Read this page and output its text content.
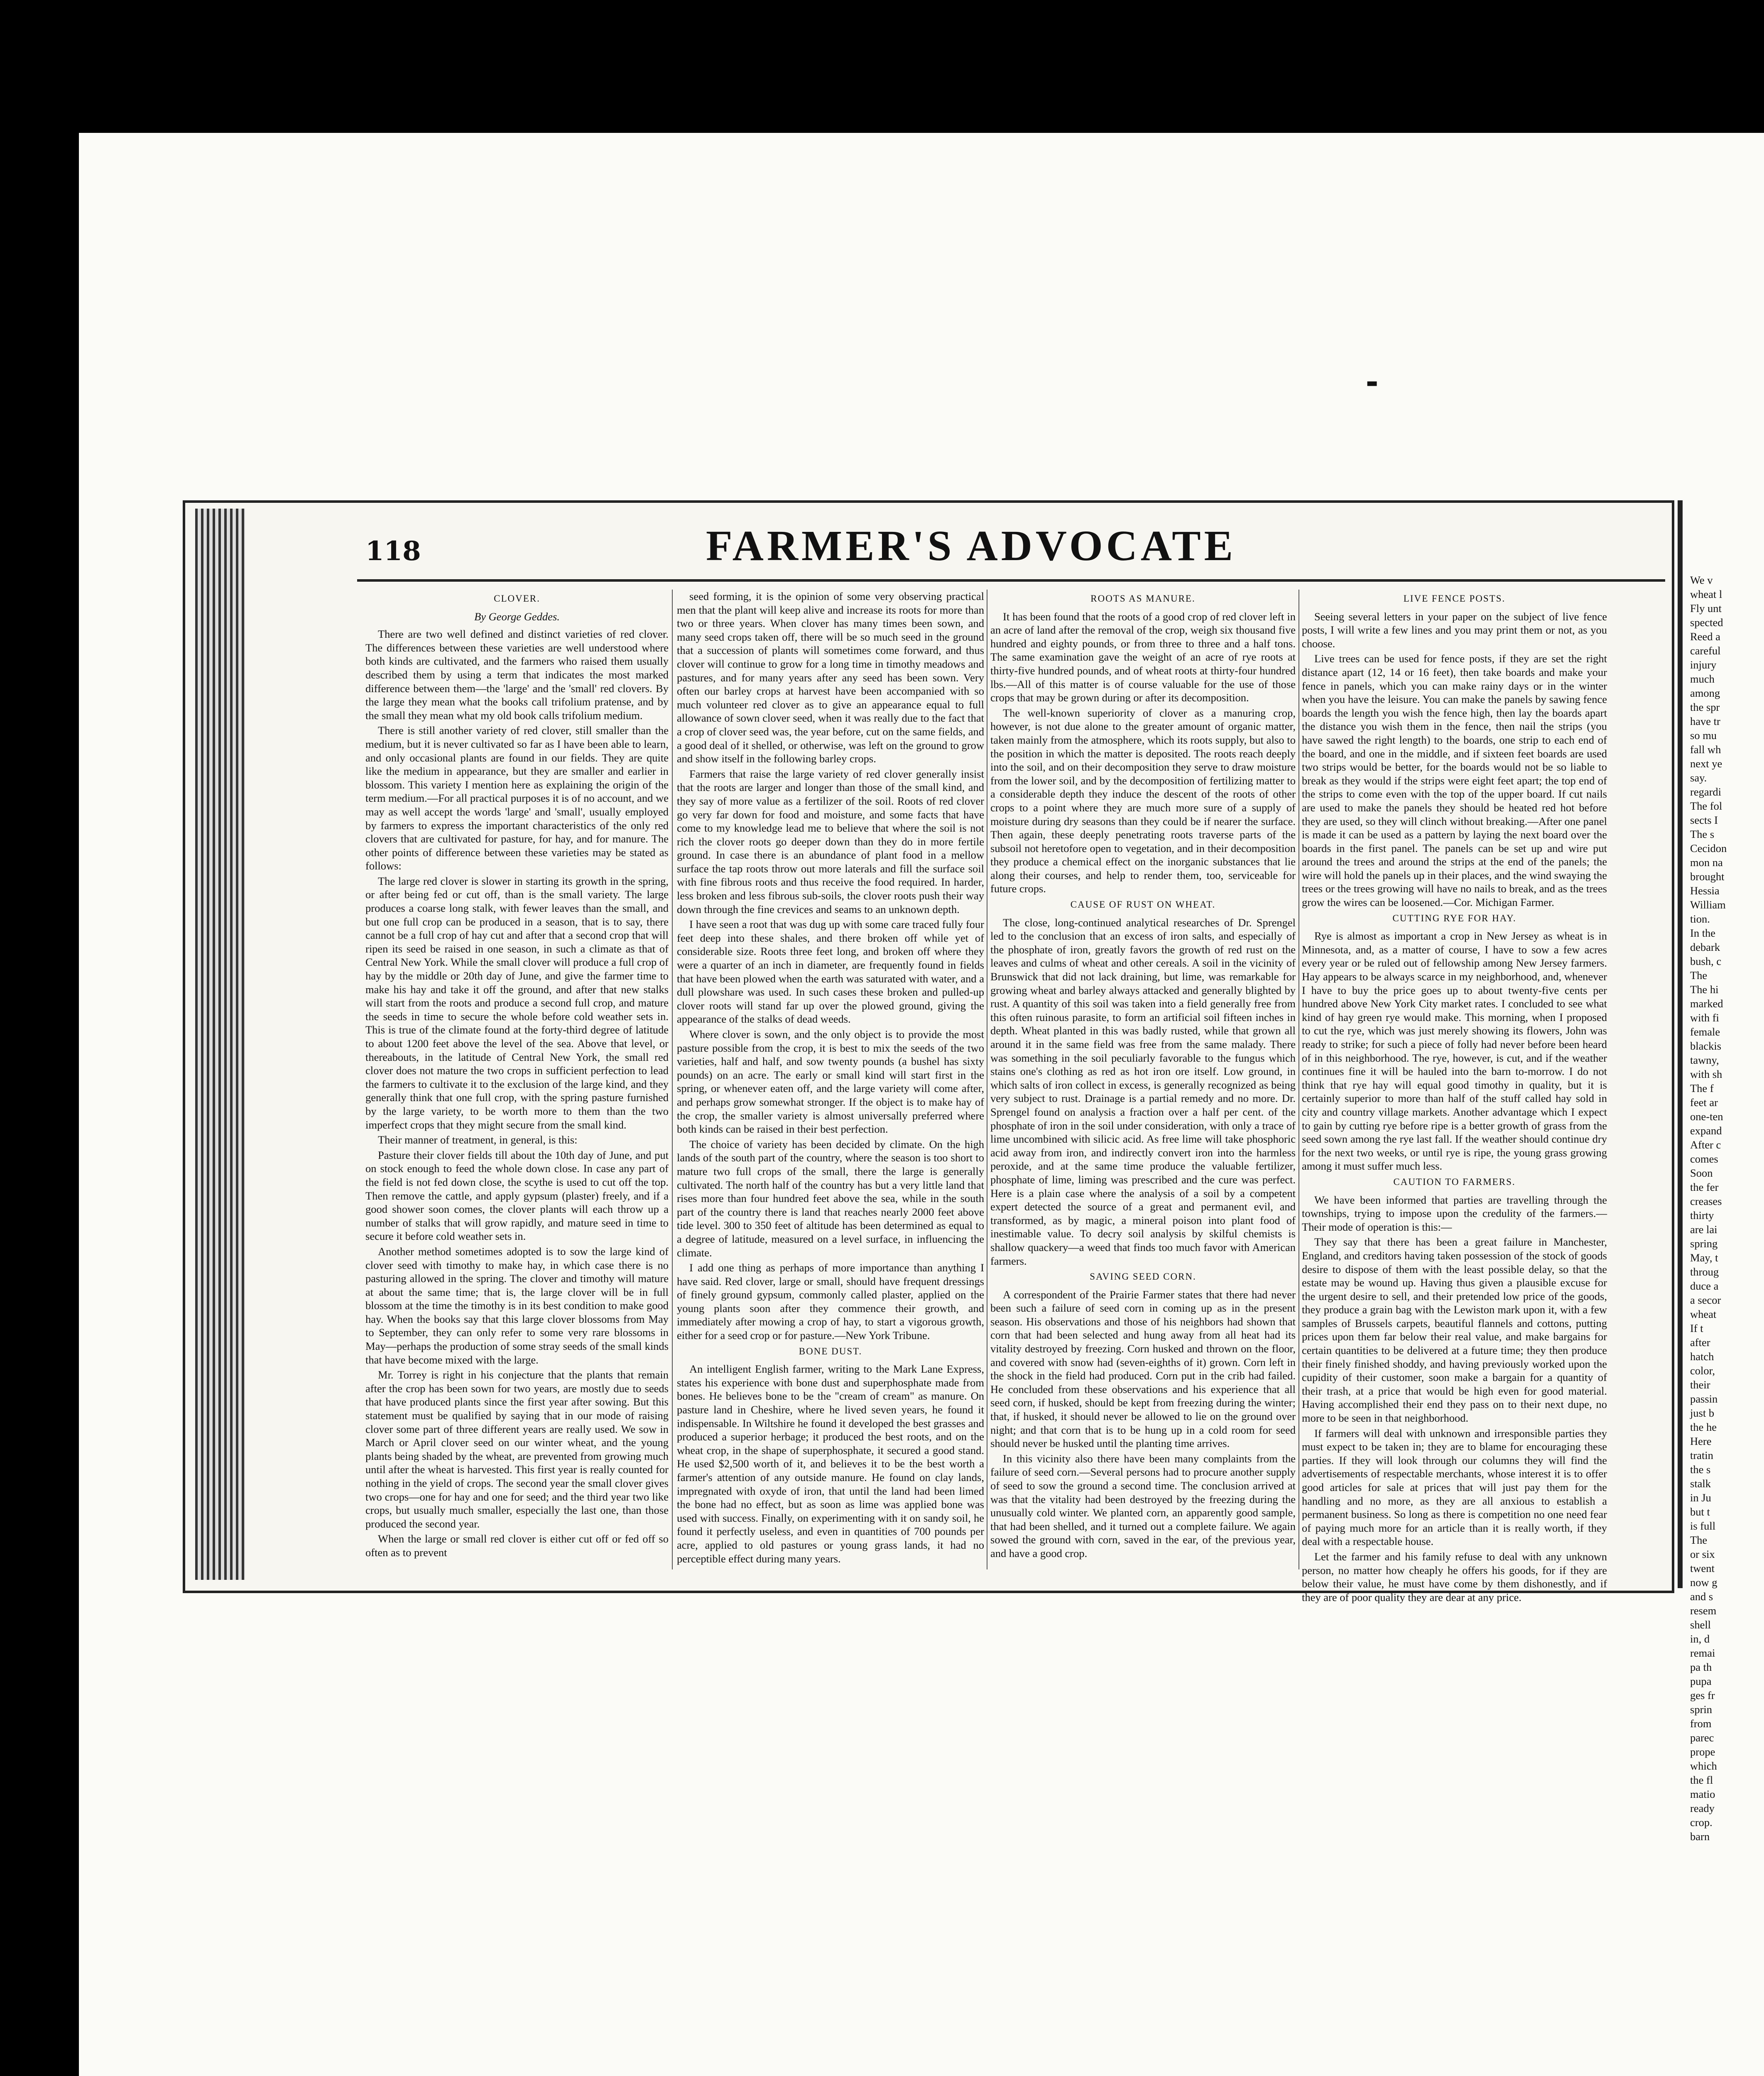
▬
118	FARMER'S ADVOCATE
CLOVER.
By George Geddes.

There are two well defined and distinct varieties of red clover. The differences between these varieties are well understood where both kinds are cultivated, and the farmers who raised them usually described them by using a term that indicates the most marked difference between them—the 'large' and the 'small' red clovers. By the large they mean what the books call trifolium pratense, and by the small they mean what my old book calls trifolium medium.

There is still another variety of red clover, still smaller than the medium, but it is never cultivated so far as I have been able to learn, and only occasional plants are found in our fields. They are quite like the medium in appearance, but they are smaller and earlier in blossom. This variety I mention here as explaining the origin of the term medium.—For all practical purposes it is of no account, and we may as well accept the words 'large' and 'small', usually employed by farmers to express the important characteristics of the only red clovers that are cultivated for pasture, for hay, and for manure. The other points of difference between these varieties may be stated as follows:

The large red clover is slower in starting its growth in the spring, or after being fed or cut off, than is the small variety. The large produces a coarse long stalk, with fewer leaves than the small, and but one full crop can be produced in a season, that is to say, there cannot be a full crop of hay cut and after that a second crop that will ripen its seed be raised in one season, in such a climate as that of Central New York. While the small clover will produce a full crop of hay by the middle or 20th day of June, and give the farmer time to make his hay and take it off the ground, and after that new stalks will start from the roots and produce a second full crop, and mature the seeds in time to secure the whole before cold weather sets in. This is true of the climate found at the forty-third degree of latitude to about 1200 feet above the level of the sea. Above that level, or thereabouts, in the latitude of Central New York, the small red clover does not mature the two crops in sufficient perfection to lead the farmers to cultivate it to the exclusion of the large kind, and they generally think that one full crop, with the spring pasture furnished by the large variety, to be worth more to them than the two imperfect crops that they might secure from the small kind.

Their manner of treatment, in general, is this:

Pasture their clover fields till about the 10th day of June, and put on stock enough to feed the whole down close. In case any part of the field is not fed down close, the scythe is used to cut off the top. Then remove the cattle, and apply gypsum (plaster) freely, and if a good shower soon comes, the clover plants will each throw up a number of stalks that will grow rapidly, and mature seed in time to secure it before cold weather sets in.

Another method sometimes adopted is to sow the large kind of clover seed with timothy to make hay, in which case there is no pasturing allowed in the spring. The clover and timothy will mature at about the same time; that is, the large clover will be in full blossom at the time the timothy is in its best condition to make good hay. When the books say that this large clover blossoms from May to September, they can only refer to some very rare blossoms in May—perhaps the production of some stray seeds of the small kinds that have become mixed with the large.

Mr. Torrey is right in his conjecture that the plants that remain after the crop has been sown for two years, are mostly due to seeds that have produced plants since the first year after sowing. But this statement must be qualified by saying that in our mode of raising clover some part of three different years are really used. We sow in March or April clover seed on our winter wheat, and the young plants being shaded by the wheat, are prevented from growing much until after the wheat is harvested. This first year is really counted for nothing in the yield of crops. The second year the small clover gives two crops—one for hay and one for seed; and the third year two like crops, but usually much smaller, especially the last one, than those produced the second year.

When the large or small red clover is either cut off or fed off so often as to prevent

seed forming, it is the opinion of some very observing practical men that the plant will keep alive and increase its roots for more than two or three years. When clover has many times been sown, and many seed crops taken off, there will be so much seed in the ground that a succession of plants will sometimes come forward, and thus clover will continue to grow for a long time in timothy meadows and pastures, and for many years after any seed has been sown. Very often our barley crops at harvest have been accompanied with so much volunteer red clover as to give an appearance equal to full allowance of sown clover seed, when it was really due to the fact that a crop of clover seed was, the year before, cut on the same fields, and a good deal of it shelled, or otherwise, was left on the ground to grow and show itself in the following barley crops.

Farmers that raise the large variety of red clover generally insist that the roots are larger and longer than those of the small kind, and they say of more value as a fertilizer of the soil. Roots of red clover go very far down for food and moisture, and some facts that have come to my knowledge lead me to believe that where the soil is not rich the clover roots go deeper down than they do in more fertile ground. In case there is an abundance of plant food in a mellow surface the tap roots throw out more laterals and fill the surface soil with fine fibrous roots and thus receive the food required. In harder, less broken and less fibrous sub-soils, the clover roots push their way down through the fine crevices and seams to an unknown depth.

I have seen a root that was dug up with some care traced fully four feet deep into these shales, and there broken off while yet of considerable size. Roots three feet long, and broken off where they were a quarter of an inch in diameter, are frequently found in fields that have been plowed when the earth was saturated with water, and a dull plowshare was used. In such cases these broken and pulled-up clover roots will stand far up over the plowed ground, giving the appearance of the stalks of dead weeds.

Where clover is sown, and the only object is to provide the most pasture possible from the crop, it is best to mix the seeds of the two varieties, half and half, and sow twenty pounds (a bushel has sixty pounds) on an acre. The early or small kind will start first in the spring, or whenever eaten off, and the large variety will come after, and perhaps grow somewhat stronger. If the object is to make hay of the crop, the smaller variety is almost universally preferred where both kinds can be raised in their best perfection.

The choice of variety has been decided by climate. On the high lands of the south part of the country, where the season is too short to mature two full crops of the small, there the large is generally cultivated. The north half of the country has but a very little land that rises more than four hundred feet above the sea, while in the south part of the country there is land that reaches nearly 2000 feet above tide level. 300 to 350 feet of altitude has been determined as equal to a degree of latitude, measured on a level surface, in influencing the climate.

I add one thing as perhaps of more importance than anything I have said. Red clover, large or small, should have frequent dressings of finely ground gypsum, commonly called plaster, applied on the young plants soon after they commence their growth, and immediately after mowing a crop of hay, to start a vigorous growth, either for a seed crop or for pasture.—New York Tribune.

BONE DUST.

An intelligent English farmer, writing to the Mark Lane Express, states his experience with bone dust and superphosphate made from bones. He believes bone to be the "cream of cream" as manure. On pasture land in Cheshire, where he lived seven years, he found it indispensable. In Wiltshire he found it developed the best grasses and produced a superior herbage; it produced the best roots, and on the wheat crop, in the shape of superphosphate, it secured a good stand. He used $2,500 worth of it, and believes it to be the best worth a farmer's attention of any outside manure. He found on clay lands, impregnated with oxyde of iron, that until the land had been limed the bone had no effect, but as soon as lime was applied bone was used with success. Finally, on experimenting with it on sandy soil, he found it perfectly useless, and even in quantities of 700 pounds per acre, applied to old pastures or young grass lands, it had no perceptible effect during many years.

ROOTS AS MANURE.

It has been found that the roots of a good crop of red clover left in an acre of land after the removal of the crop, weigh six thousand five hundred and eighty pounds, or from three to three and a half tons. The same examination gave the weight of an acre of rye roots at thirty-five hundred pounds, and of wheat roots at thirty-four hundred lbs.—All of this matter is of course valuable for the use of those crops that may be grown during or after its decomposition.

The well-known superiority of clover as a manuring crop, however, is not due alone to the greater amount of organic matter, taken mainly from the atmosphere, which its roots supply, but also to the position in which the matter is deposited. The roots reach deeply into the soil, and on their decomposition they serve to draw moisture from the lower soil, and by the decomposition of fertilizing matter to a considerable depth they induce the descent of the roots of other crops to a point where they are much more sure of a supply of moisture during dry seasons than they could be if nearer the surface. Then again, these deeply penetrating roots traverse parts of the subsoil not heretofore open to vegetation, and in their decomposition they produce a chemical effect on the inorganic substances that lie along their courses, and help to render them, too, serviceable for future crops.

CAUSE OF RUST ON WHEAT.

The close, long-continued analytical researches of Dr. Sprengel led to the conclusion that an excess of iron salts, and especially of the phosphate of iron, greatly favors the growth of red rust on the leaves and culms of wheat and other cereals. A soil in the vicinity of Brunswick that did not lack draining, but lime, was remarkable for growing wheat and barley always attacked and generally blighted by rust. A quantity of this soil was taken into a field generally free from this often ruinous parasite, to form an artificial soil fifteen inches in depth. Wheat planted in this was badly rusted, while that grown all around it in the same field was free from the same malady. There was something in the soil peculiarly favorable to the fungus which stains one's clothing as red as hot iron ore itself. Low ground, in which salts of iron collect in excess, is generally recognized as being very subject to rust. Drainage is a partial remedy and no more. Dr. Sprengel found on analysis a fraction over a half per cent. of the phosphate of iron in the soil under consideration, with only a trace of lime uncombined with silicic acid. As free lime will take phosphoric acid away from iron, and indirectly convert iron into the harmless peroxide, and at the same time produce the valuable fertilizer, phosphate of lime, liming was prescribed and the cure was perfect. Here is a plain case where the analysis of a soil by a competent expert detected the source of a great and permanent evil, and transformed, as by magic, a mineral poison into plant food of inestimable value. To decry soil analysis by skilful chemists is shallow quackery—a weed that finds too much favor with American farmers.

SAVING SEED CORN.

A correspondent of the Prairie Farmer states that there had never been such a failure of seed corn in coming up as in the present season. His observations and those of his neighbors had shown that corn that had been selected and hung away from all heat had its vitality destroyed by freezing. Corn husked and thrown on the floor, and covered with snow had (seven-eighths of it) grown. Corn left in the shock in the field had produced. Corn put in the crib had failed. He concluded from these observations and his experience that all seed corn, if husked, should be kept from freezing during the winter; that, if husked, it should never be allowed to lie on the ground over night; and that corn that is to be hung up in a cold room for seed should never be husked until the planting time arrives.

In this vicinity also there have been many complaints from the failure of seed corn.—Several persons had to procure another supply of seed to sow the ground a second time. The conclusion arrived at was that the vitality had been destroyed by the freezing during the unusually cold winter. We planted corn, an apparently good sample, that had been shelled, and it turned out a complete failure. We again sowed the ground with corn, saved in the ear, of the previous year, and have a good crop.

LIVE FENCE POSTS.

Seeing several letters in your paper on the subject of live fence posts, I will write a few lines and you may print them or not, as you choose.

Live trees can be used for fence posts, if they are set the right distance apart (12, 14 or 16 feet), then take boards and make your fence in panels, which you can make rainy days or in the winter when you have the leisure. You can make the panels by sawing fence boards the length you wish the fence high, then lay the boards apart the distance you wish them in the fence, then nail the strips (you have sawed the right length) to the boards, one strip to each end of the board, and one in the middle, and if sixteen feet boards are used two strips would be better, for the boards would not be so liable to break as they would if the strips were eight feet apart; the top end of the strips to come even with the top of the upper board. If cut nails are used to make the panels they should be heated red hot before they are used, so they will clinch without breaking.—After one panel is made it can be used as a pattern by laying the next board over the boards in the first panel. The panels can be set up and wire put around the trees and around the strips at the end of the panels; the wire will hold the panels up in their places, and the wind swaying the trees or the trees growing will have no nails to break, and as the trees grow the wires can be loosened.—Cor. Michigan Farmer.

CUTTING RYE FOR HAY.

Rye is almost as important a crop in New Jersey as wheat is in Minnesota, and, as a matter of course, I have to sow a few acres every year or be ruled out of fellowship among New Jersey farmers. Hay appears to be always scarce in my neighborhood, and, whenever I have to buy the price goes up to about twenty-five cents per hundred above New York City market rates. I concluded to see what kind of hay green rye would make. This morning, when I proposed to cut the rye, which was just merely showing its flowers, John was ready to strike; for such a piece of folly had never before been heard of in this neighborhood. The rye, however, is cut, and if the weather continues fine it will be hauled into the barn to-morrow. I do not think that rye hay will equal good timothy in quality, but it is certainly superior to more than half of the stuff called hay sold in city and country village markets. Another advantage which I expect to gain by cutting rye before ripe is a better growth of grass from the seed sown among the rye last fall. If the weather should continue dry for the next two weeks, or until rye is ripe, the young grass growing among it must suffer much less.

CAUTION TO FARMERS.

We have been informed that parties are travelling through the townships, trying to impose upon the credulity of the farmers.—Their mode of operation is this:—

They say that there has been a great failure in Manchester, England, and creditors having taken possession of the stock of goods desire to dispose of them with the least possible delay, so that the estate may be wound up. Having thus given a plausible excuse for the urgent desire to sell, and their pretended low price of the goods, they produce a grain bag with the Lewiston mark upon it, with a few samples of Brussels carpets, beautiful flannels and cottons, putting prices upon them far below their real value, and make bargains for certain quantities to be delivered at a future time; they then produce their finely finished shoddy, and having previously worked upon the cupidity of their customer, soon make a bargain for a quantity of their trash, at a price that would be high even for good material. Having accomplished their end they pass on to their next dupe, no more to be seen in that neighborhood.

If farmers will deal with unknown and irresponsible parties they must expect to be taken in; they are to blame for encouraging these parties. If they will look through our columns they will find the advertisements of respectable merchants, whose interest it is to offer good articles for sale at prices that will just pay them for the handling and no more, as they are all anxious to establish a permanent business. So long as there is competition no one need fear of paying much more for an article than it is really worth, if they deal with a respectable house.

Let the farmer and his family refuse to deal with any unknown person, no matter how cheaply he offers his goods, for if they are below their value, he must have come by them dishonestly, and if they are of poor quality they are dear at any price.

We v
wheat l
Fly unt
spected
Reed a
careful
injury
much
among
the spr
have tr
so mu
fall wh
next ye
say.
regardi
The fol
sects I
The s
Cecidon
mon na
brought
Hessia
William
tion.
In the
debark
bush, c
The
The hi
marked
with fi
female
blackis
tawny,
with sh
The f
feet ar
one-ten
expand
After c
comes
Soon
the fer
creases
thirty
are lai
spring
May, t
throug
duce a
a secor
wheat
If t
after
hatch
color,
their
passin
just b
the he
Here
tratin
the s
stalk
in Ju
but t
is full
The
or six
twent
now g
and s
resem
shell
in, d
remai
pa th
pupa
ges fr
sprin
from
parec
prope
which
the fl
matio
ready
crop.
barn
